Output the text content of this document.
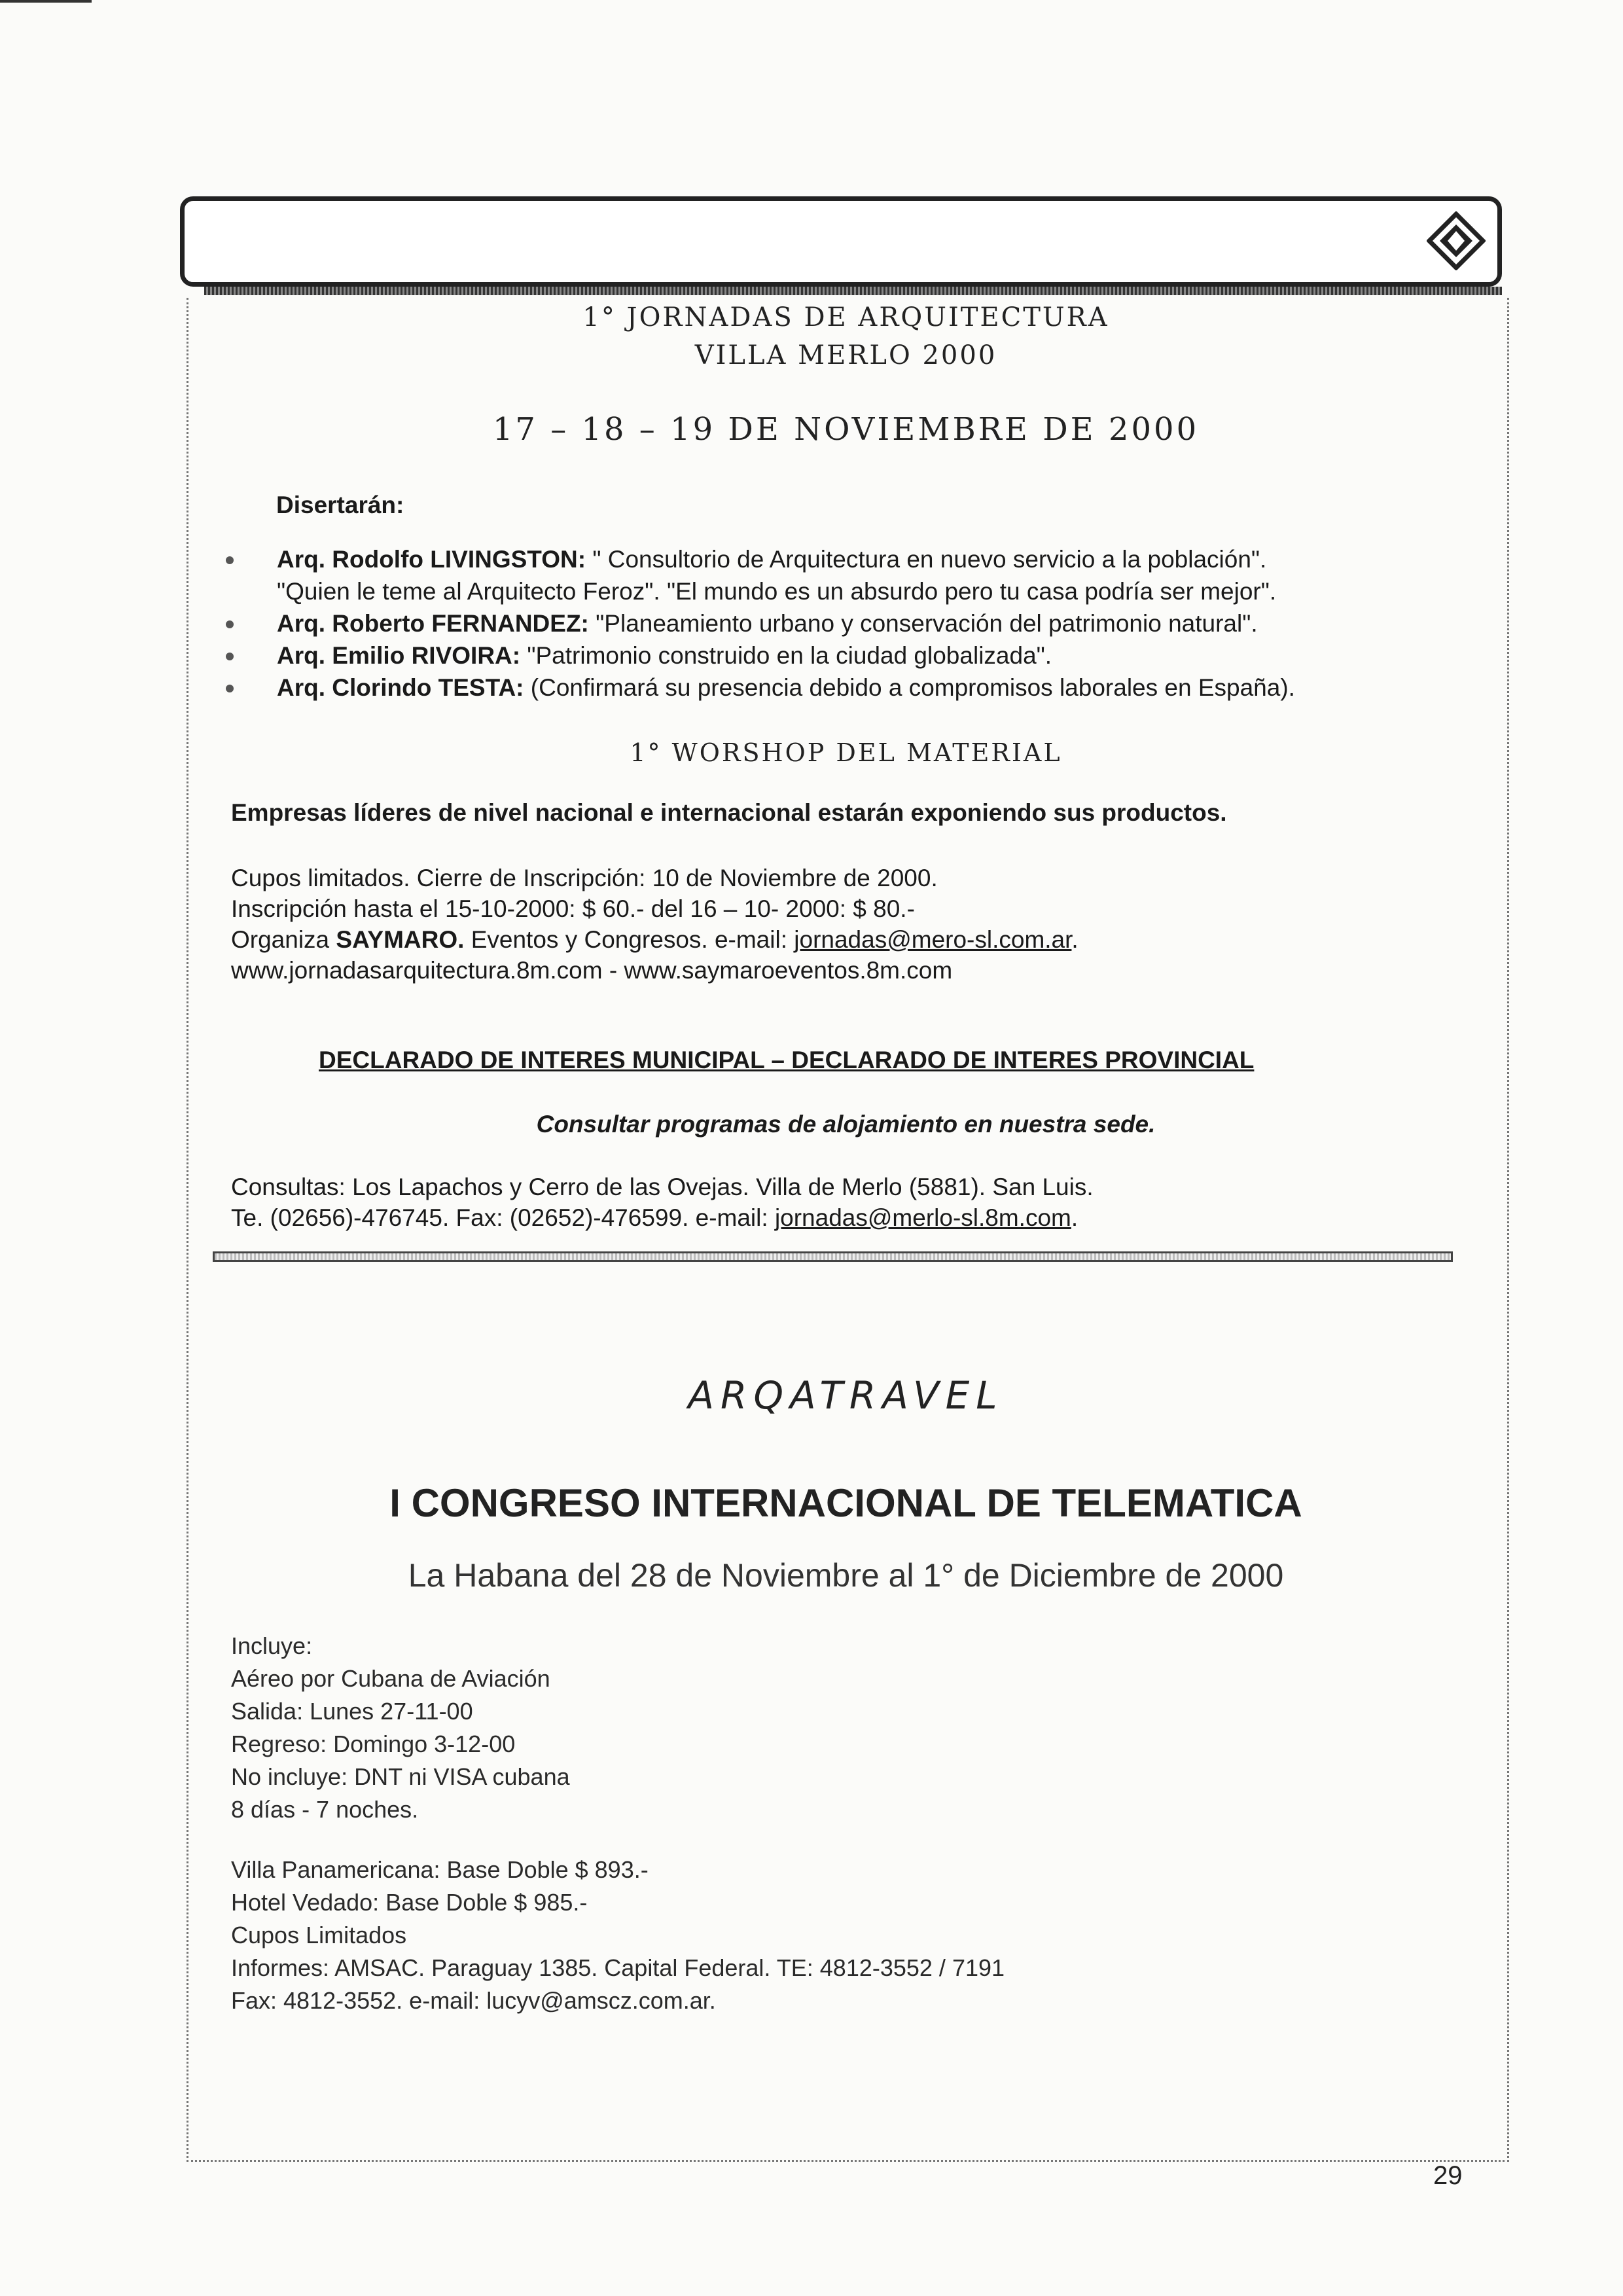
1° JORNADAS DE ARQUITECTURA
VILLA MERLO 2000
17 – 18 – 19 DE NOVIEMBRE DE 2000
Disertarán:
Arq. Rodolfo LIVINGSTON: " Consultorio de Arquitectura en nuevo servicio a la población".
"Quien le teme al Arquitecto Feroz". "El mundo es un absurdo pero tu casa podría ser mejor".
Arq. Roberto FERNANDEZ: "Planeamiento urbano y conservación del patrimonio natural".
Arq. Emilio RIVOIRA: "Patrimonio construido en la ciudad globalizada".
Arq. Clorindo TESTA: (Confirmará su presencia debido a compromisos laborales en España).
1° WORSHOP DEL MATERIAL
Empresas líderes de nivel nacional e internacional estarán exponiendo sus productos.
Cupos limitados. Cierre de Inscripción: 10 de Noviembre de 2000.
Inscripción hasta el 15-10-2000: $ 60.- del 16 – 10- 2000: $ 80.-
Organiza SAYMARO. Eventos y Congresos. e-mail: jornadas@mero-sl.com.ar.
www.jornadasarquitectura.8m.com - www.saymaroeventos.8m.com
DECLARADO DE INTERES MUNICIPAL – DECLARADO DE INTERES PROVINCIAL
Consultar programas de alojamiento en nuestra sede.
Consultas: Los Lapachos y Cerro de las Ovejas. Villa de Merlo (5881). San Luis.
Te. (02656)-476745. Fax: (02652)-476599. e-mail: jornadas@merlo-sl.8m.com.
ARQATRAVEL
I CONGRESO INTERNACIONAL DE TELEMATICA
La Habana del 28 de Noviembre al 1° de Diciembre de 2000
Incluye:
Aéreo por Cubana de Aviación
Salida: Lunes 27-11-00
Regreso: Domingo 3-12-00
No incluye: DNT ni VISA cubana
8 días - 7 noches.
Villa Panamericana: Base Doble $ 893.-
Hotel Vedado: Base Doble $ 985.-
Cupos Limitados
Informes: AMSAC. Paraguay 1385. Capital Federal. TE: 4812-3552 / 7191
Fax: 4812-3552. e-mail: lucyv@amscz.com.ar.
29
